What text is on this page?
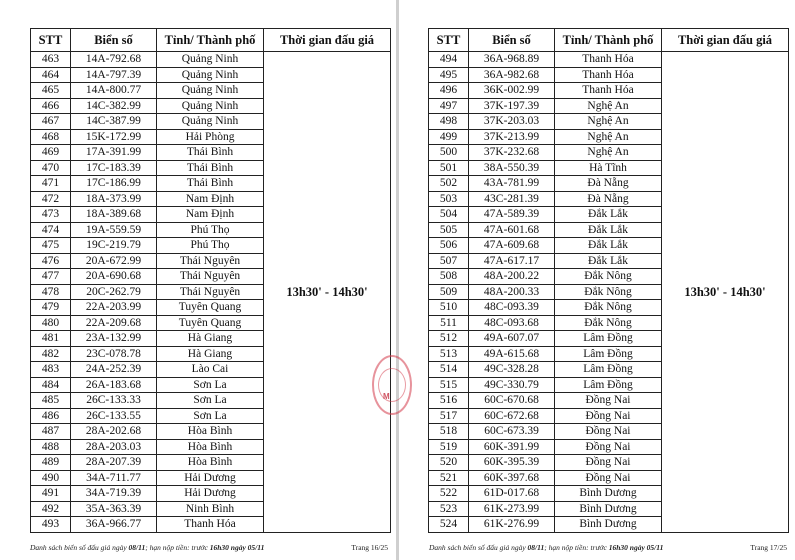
STT	Biển số	Tỉnh/ Thành phố	Thời gian đấu giá
463	14A-792.68	Quảng Ninh	13h30' - 14h30'
464	14A-797.39	Quảng Ninh	
465	14A-800.77	Quảng Ninh	
466	14C-382.99	Quảng Ninh	
467	14C-387.99	Quảng Ninh	
468	15K-172.99	Hải Phòng	
469	17A-391.99	Thái Bình	
470	17C-183.39	Thái Bình	
471	17C-186.99	Thái Bình	
472	18A-373.99	Nam Định	
473	18A-389.68	Nam Định	
474	19A-559.59	Phú Thọ	
475	19C-219.79	Phú Thọ	
476	20A-672.99	Thái Nguyên	
477	20A-690.68	Thái Nguyên	
478	20C-262.79	Thái Nguyên	
479	22A-203.99	Tuyên Quang	
480	22A-209.68	Tuyên Quang	
481	23A-132.99	Hà Giang	
482	23C-078.78	Hà Giang	
483	24A-252.39	Lào Cai	
484	26A-183.68	Sơn La	
485	26C-133.33	Sơn La	
486	26C-133.55	Sơn La	
487	28A-202.68	Hòa Bình	
488	28A-203.03	Hòa Bình	
489	28A-207.39	Hòa Bình	
490	34A-711.77	Hải Dương	
491	34A-719.39	Hải Dương	
492	35A-363.39	Ninh Bình	
493	36A-966.77	Thanh Hóa	
Danh sách biển số đấu giá ngày 08/11; hạn nộp tiền: trước 16h30 ngày 05/11	Trang 16/25
STT	Biển số	Tỉnh/ Thành phố	Thời gian đấu giá
494	36A-968.89	Thanh Hóa	13h30' - 14h30'
495	36A-982.68	Thanh Hóa	
496	36K-002.99	Thanh Hóa	
497	37K-197.39	Nghệ An	
498	37K-203.03	Nghệ An	
499	37K-213.99	Nghệ An	
500	37K-232.68	Nghệ An	
501	38A-550.39	Hà Tĩnh	
502	43A-781.99	Đà Nẵng	
503	43C-281.39	Đà Nẵng	
504	47A-589.39	Đắk Lắk	
505	47A-601.68	Đắk Lắk	
506	47A-609.68	Đắk Lắk	
507	47A-617.17	Đắk Lắk	
508	48A-200.22	Đắk Nông	
509	48A-200.33	Đắk Nông	
510	48C-093.39	Đắk Nông	
511	48C-093.68	Đắk Nông	
512	49A-607.07	Lâm Đồng	
513	49A-615.68	Lâm Đồng	
514	49C-328.28	Lâm Đồng	
515	49C-330.79	Lâm Đồng	
516	60C-670.68	Đồng Nai	
517	60C-672.68	Đồng Nai	
518	60C-673.39	Đồng Nai	
519	60K-391.99	Đồng Nai	
520	60K-395.39	Đồng Nai	
521	60K-397.68	Đồng Nai	
522	61D-017.68	Bình Dương	
523	61K-273.99	Bình Dương	
524	61K-276.99	Bình Dương	
Danh sách biển số đấu giá ngày 08/11; hạn nộp tiền: trước 16h30 ngày 05/11	Trang 17/25
M
